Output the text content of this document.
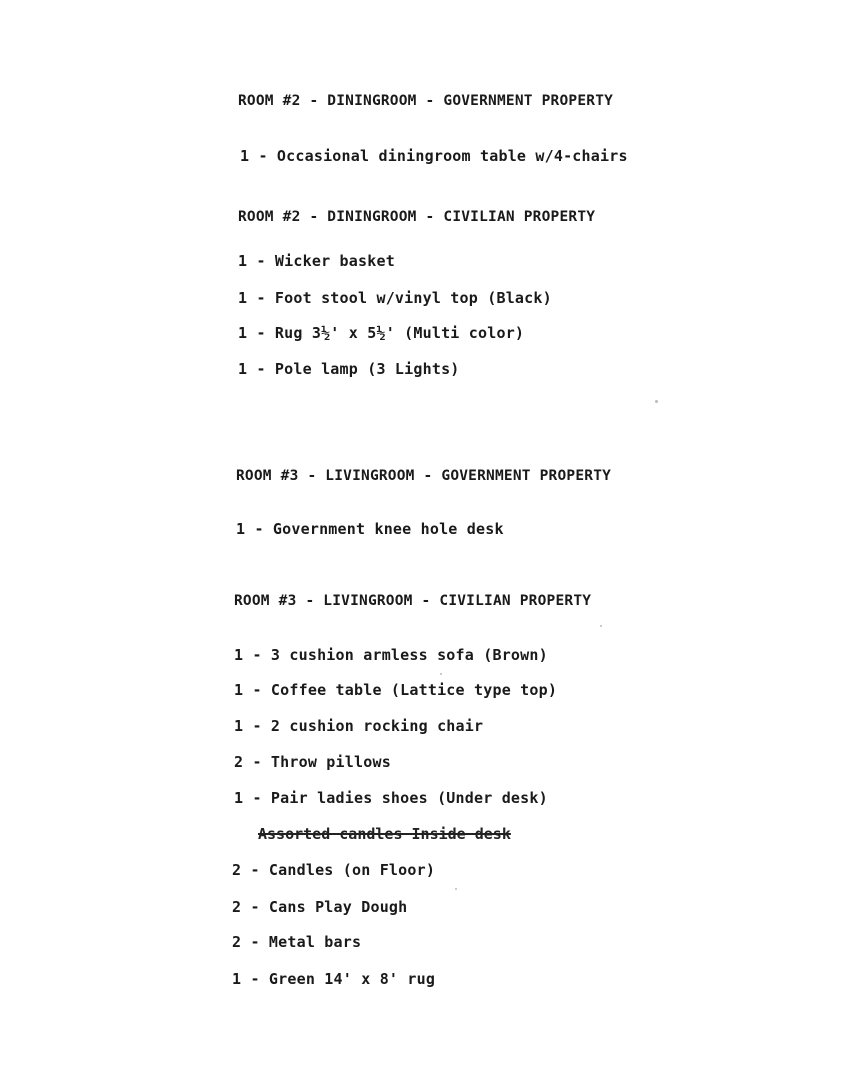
ROOM #2 - DININGROOM - GOVERNMENT PROPERTY
1 - Occasional diningroom table w/4-chairs
ROOM #2 - DININGROOM - CIVILIAN PROPERTY
1 - Wicker basket
1 - Foot stool w/vinyl top (Black)
1 - Rug 3½' x 5½' (Multi color)
1 - Pole lamp (3 Lights)
ROOM #3 - LIVINGROOM - GOVERNMENT PROPERTY
1 - Government knee hole desk
ROOM #3 - LIVINGROOM - CIVILIAN PROPERTY
1 - 3 cushion armless sofa (Brown)
1 - Coffee table (Lattice type top)
1 - 2 cushion rocking chair
2 - Throw pillows
1 - Pair ladies shoes (Under desk)
Assorted candles Inside desk
2 - Candles (on Floor)
2 - Cans Play Dough
2 - Metal bars
1 - Green 14' x 8' rug
